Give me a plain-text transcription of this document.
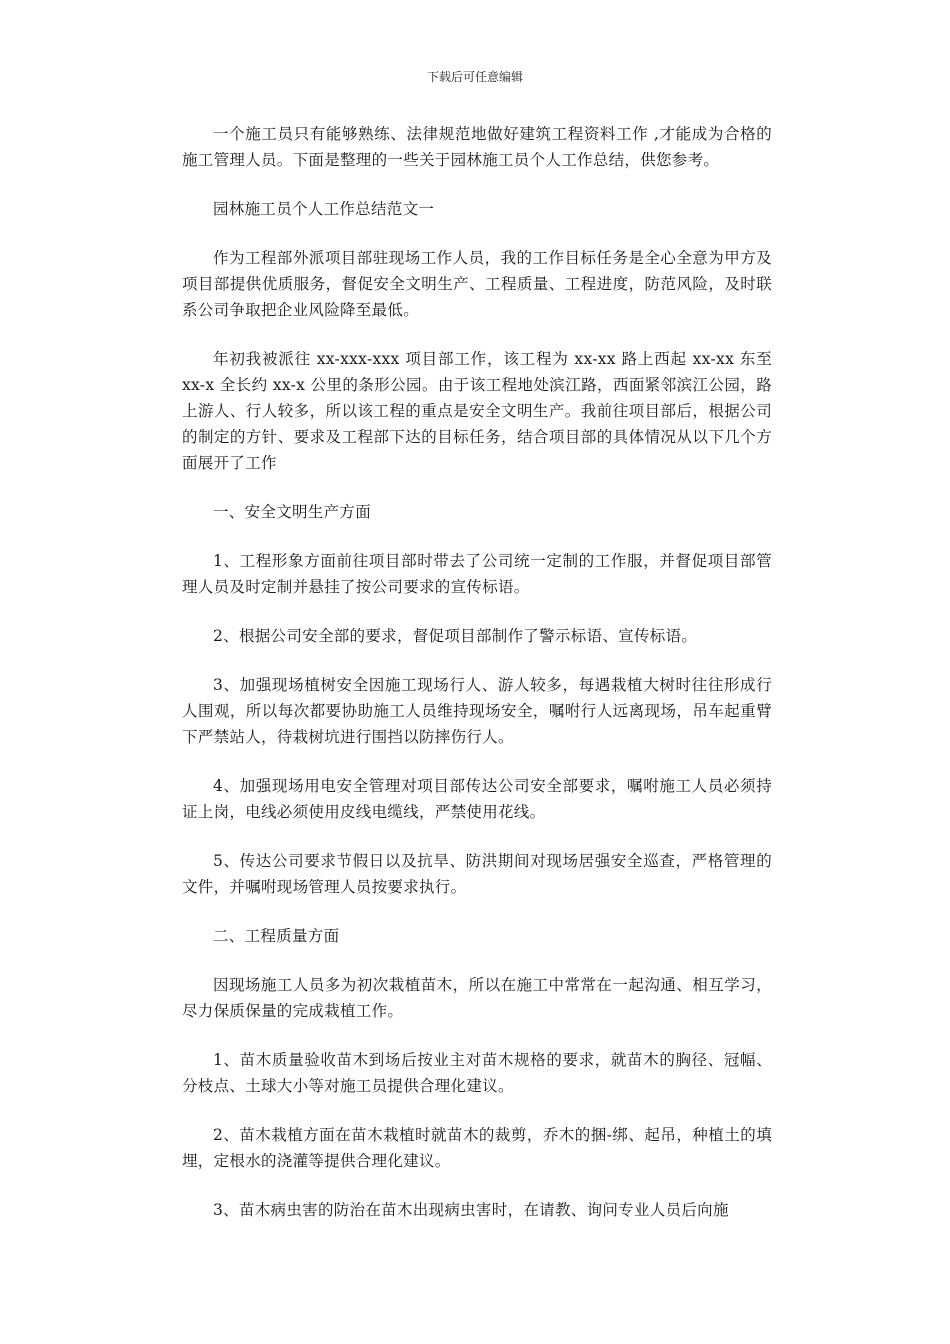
下载后可任意编辑

一个施工员只有能够熟练、法律规范地做好建筑工程资料工作 ,才能成为合格的施工管理人员。下面是整理的一些关于园林施工员个人工作总结，供您参考。

园林施工员个人工作总结范文一

作为工程部外派项目部驻现场工作人员，我的工作目标任务是全心全意为甲方及项目部提供优质服务，督促安全文明生产、工程质量、工程进度，防范风险，及时联系公司争取把企业风险降至最低。

年初我被派往 xx-xxx-xxx 项目部工作，该工程为 xx-xx 路上西起 xx-xx 东至 xx-x 全长约 xx-x 公里的条形公园。由于该工程地处滨江路，西面紧邻滨江公园，路上游人、行人较多，所以该工程的重点是安全文明生产。我前往项目部后，根据公司的制定的方针、要求及工程部下达的目标任务，结合项目部的具体情况从以下几个方面展开了工作

一、安全文明生产方面

1、工程形象方面前往项目部时带去了公司统一定制的工作服，并督促项目部管理人员及时定制并悬挂了按公司要求的宣传标语。

2、根据公司安全部的要求，督促项目部制作了警示标语、宣传标语。

3、加强现场植树安全因施工现场行人、游人较多，每遇栽植大树时往往形成行人围观，所以每次都要协助施工人员维持现场安全，嘱咐行人远离现场，吊车起重臂下严禁站人，待栽树坑进行围挡以防摔伤行人。

4、加强现场用电安全管理对项目部传达公司安全部要求，嘱咐施工人员必须持证上岗，电线必须使用皮线电缆线，严禁使用花线。

5、传达公司要求节假日以及抗旱、防洪期间对现场居强安全巡查，严格管理的文件，并嘱咐现场管理人员按要求执行。

二、工程质量方面

因现场施工人员多为初次栽植苗木，所以在施工中常常在一起沟通、相互学习，尽力保质保量的完成栽植工作。

1、苗木质量验收苗木到场后按业主对苗木规格的要求，就苗木的胸径、冠幅、分枝点、土球大小等对施工员提供合理化建议。

2、苗木栽植方面在苗木栽植时就苗木的裁剪，乔木的捆-绑、起吊，种植土的填埋，定根水的浇灌等提供合理化建议。

3、苗木病虫害的防治在苗木出现病虫害时，在请教、询问专业人员后向施
